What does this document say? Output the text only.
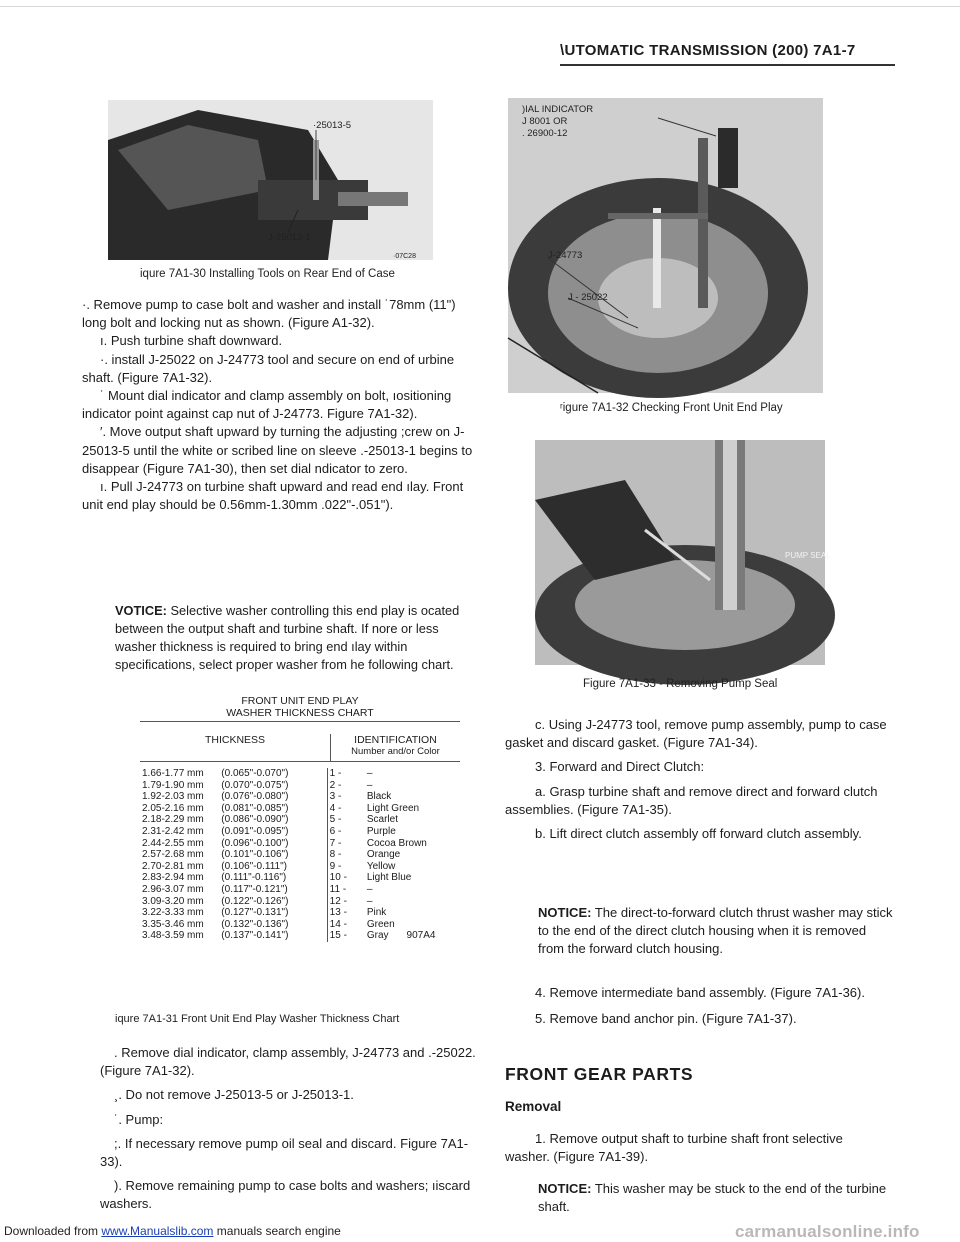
\UTOMATIC TRANSMISSION (200) 7A1-7
·25013-5
J-25013-1
·07C28
iqure 7A1-30 Installing Tools on Rear End of Case

·. Remove pump to case bolt and washer and install ˙78mm (11") long bolt and locking nut as shown. (Figure A1-32).

ı. Push turbine shaft downward.

·. install J-25022 on J-24773 tool and secure on end of urbine shaft. (Figure 7A1-32).

˙ Mount dial indicator and clamp assembly on bolt, ıositioning indicator point against cap nut of J-24773. Figure 7A1-32).

′. Move output shaft upward by turning the adjusting ;crew on J-25013-5 until the white or scribed line on sleeve .-25013-1 begins to disappear (Figure 7A1-30), then set dial ndicator to zero.

ı. Pull J-24773 on turbine shaft upward and read end ılay. Front unit end play should be 0.56mm-1.30mm .022"-.051").

VOTICE: Selective washer controlling this end play is ocated between the output shaft and turbine shaft. If nore or less washer thickness is required to bring end ılay within specifications, select proper washer from he following chart.
FRONT UNIT END PLAY
WASHER THICKNESS CHART
THICKNESS	IDENTIFICATION
Number and/or Color
1.66-1.77 mm	(0.065"-0.070")	1 -	–
1.79-1.90 mm	(0.070"-0.075")	2 -	–
1.92-2.03 mm	(0.076"-0.080")	3 -	Black
2.05-2.16 mm	(0.081"-0.085")	4 -	Light Green
2.18-2.29 mm	(0.086"-0.090")	5 -	Scarlet
2.31-2.42 mm	(0.091"-0.095")	6 -	Purple
2.44-2.55 mm	(0.096"-0.100")	7 -	Cocoa Brown
2.57-2.68 mm	(0.101"-0.106")	8 -	Orange
2.70-2.81 mm	(0.106"-0.111")	9 -	Yellow
2.83-2.94 mm	(0.111"-0.116")	10 -	Light Blue
2.96-3.07 mm	(0.117"-0.121")	11 -	–
3.09-3.20 mm	(0.122"-0.126")	12 -	–
3.22-3.33 mm	(0.127"-0.131")	13 -	Pink
3.35-3.46 mm	(0.132"-0.136")	14 -	Green
3.48-3.59 mm	(0.137"-0.141")	15 -	Gray 907A4
iqure 7A1-31 Front Unit End Play Washer Thickness Chart

. Remove dial indicator, clamp assembly, J-24773 and .-25022. (Figure 7A1-32).

¸. Do not remove J-25013-5 or J-25013-1.

˙. Pump:

;. If necessary remove pump oil seal and discard. Figure 7A1-33).

). Remove remaining pump to case bolts and washers; ıiscard washers.

)IAL INDICATOR
J 8001 OR
. 26900-12
J-24773
J - 25022
ʳigure 7A1-32 Checking Front Unit End Play
PUMP SEAL
Figure 7A1-33 - Removing Pump Seal

c. Using J-24773 tool, remove pump assembly, pump to case gasket and discard gasket. (Figure 7A1-34).

3. Forward and Direct Clutch:

a. Grasp turbine shaft and remove direct and forward clutch assemblies. (Figure 7A1-35).

b. Lift direct clutch assembly off forward clutch assembly.

NOTICE: The direct-to-forward clutch thrust washer may stick to the end of the direct clutch housing when it is removed from the forward clutch housing.

4. Remove intermediate band assembly. (Figure 7A1-36).

5. Remove band anchor pin. (Figure 7A1-37).

FRONT GEAR PARTS
Removal

1. Remove output shaft to turbine shaft front selective washer. (Figure 7A1-39).

NOTICE: This washer may be stuck to the end of the turbine shaft.
Downloaded from www.Manualslib.com manuals search engine	carmanualsonline.info
